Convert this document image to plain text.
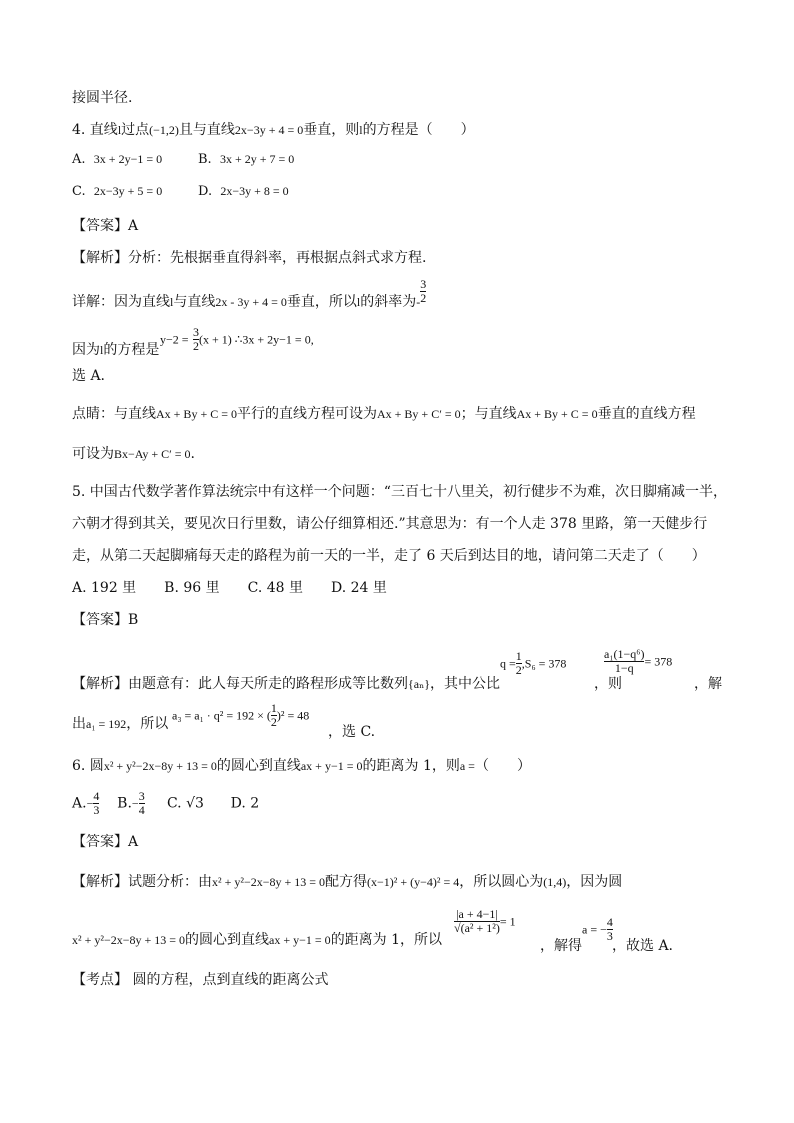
接圆半径.
4. 直线l过点(−1,2)且与直线2x−3y + 4 = 0垂直，则l的方程是（　　）
A. 3x + 2y−1 = 0	B. 3x + 2y + 7 = 0
C. 2x−3y + 5 = 0	D. 2x−3y + 8 = 0
【答案】A
【解析】分析：先根据垂直得斜率，再根据点斜式求方程.
详解：因为直线l与直线2x - 3y + 4 = 0垂直，所以l的斜率为- $\frac{3}{2}$
$y-2 = \frac{3}{2} (x + 1)$ ∴3x + 2y−1 = 0,
因为l的方程是
选 A.
点睛：与直线Ax + By + C = 0平行的直线方程可设为Ax + By + C′ = 0；与直线Ax + By + C = 0垂直的直线方程
可设为Bx−Ay + C′ = 0.
5. 中国古代数学著作算法统宗中有这样一个问题：“三百七十八里关，初行健步不为难，次日脚痛减一半，
六朝才得到其关，要见次日行里数，请公仔细算相还.”其意思为：有一个人走 378 里路，第一天健步行
走，从第二天起脚痛每天走的路程为前一天的一半，走了 6 天后到达目的地，请问第二天走了（　　）
A. 192 里　　B. 96 里　　C. 48 里　　D. 24 里
【答案】B
【解析】由题意有：此人每天所走的路程形成等比数列{aₙ}，其中公比
$q = \frac{1}{2} ,S_6 = 378$
，则
$\frac{\text{a₁(1−q⁶)}}{1-q} = 378$
，解
出a₁ = 192，所以
a₃ = a₁ · q² = 192 × ( $\frac{1}{2} )^2 = 48$
，选 C.
6. 圆x² + y²−2x−8y + 13 = 0的圆心到直线ax + y−1 = 0的距离为 1，则a =（　　）
$A.- \frac{4}{3} B.- \frac{3}{4} C$. √3 D. 2
【答案】A
【解析】试题分析：由x² + y²−2x−8y + 13 = 0配方得(x−1)² + (y−4)² = 4，所以圆心为(1,4)，因为圆
x² + y²−2x−8y + 13 = 0的圆心到直线ax + y−1 = 0的距离为 1，所以
$\frac{|a + 4-1|}{\text{√(a² + 1²)}} = 1$
，解得
a = − $\frac{4}{3}$
，故选 A.
【考点】 圆的方程，点到直线的距离公式
